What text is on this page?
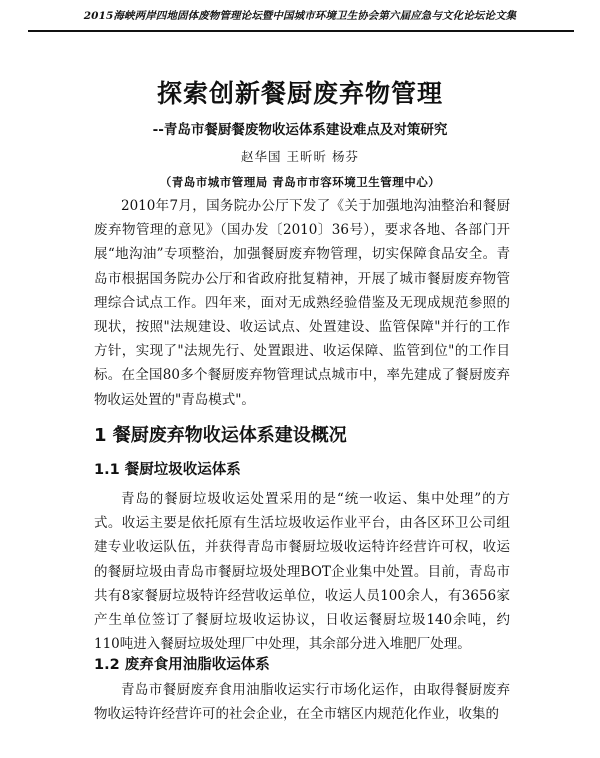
2015海峡两岸四地固体废物管理论坛暨中国城市环境卫生协会第六届应急与文化论坛论文集
探索创新餐厨废弃物管理
--青岛市餐厨餐废物收运体系建设难点及对策研究
赵华国 王昕昕 杨芬
（青岛市城市管理局 青岛市市容环境卫生管理中心）

2010年7月，国务院办公厅下发了《关于加强地沟油整治和餐厨废弃物管理的意见》（国办发〔2010〕36号），要求各地、各部门开展“地沟油”专项整治，加强餐厨废弃物管理，切实保障食品安全。青岛市根据国务院办公厅和省政府批复精神，开展了城市餐厨废弃物管理综合试点工作。四年来，面对无成熟经验借鉴及无现成规范参照的现状，按照"法规建设、收运试点、处置建设、监管保障"并行的工作方针，实现了"法规先行、处置跟进、收运保障、监管到位"的工作目标。在全国80多个餐厨废弃物管理试点城市中，率先建成了餐厨废弃物收运处置的"青岛模式"。

1 餐厨废弃物收运体系建设概况
1.1 餐厨垃圾收运体系

青岛的餐厨垃圾收运处置采用的是“统一收运、集中处理”的方式。收运主要是依托原有生活垃圾收运作业平台，由各区环卫公司组建专业收运队伍，并获得青岛市餐厨垃圾收运特许经营许可权，收运的餐厨垃圾由青岛市餐厨垃圾处理BOT企业集中处置。目前，青岛市共有8家餐厨垃圾特许经营收运单位，收运人员100余人，有3656家产生单位签订了餐厨垃圾收运协议，日收运餐厨垃圾140余吨，约110吨进入餐厨垃圾处理厂中处理，其余部分进入堆肥厂处理。

1.2 废弃食用油脂收运体系

青岛市餐厨废弃食用油脂收运实行市场化运作，由取得餐厨废弃物收运特许经营许可的社会企业，在全市辖区内规范化作业，收集的
